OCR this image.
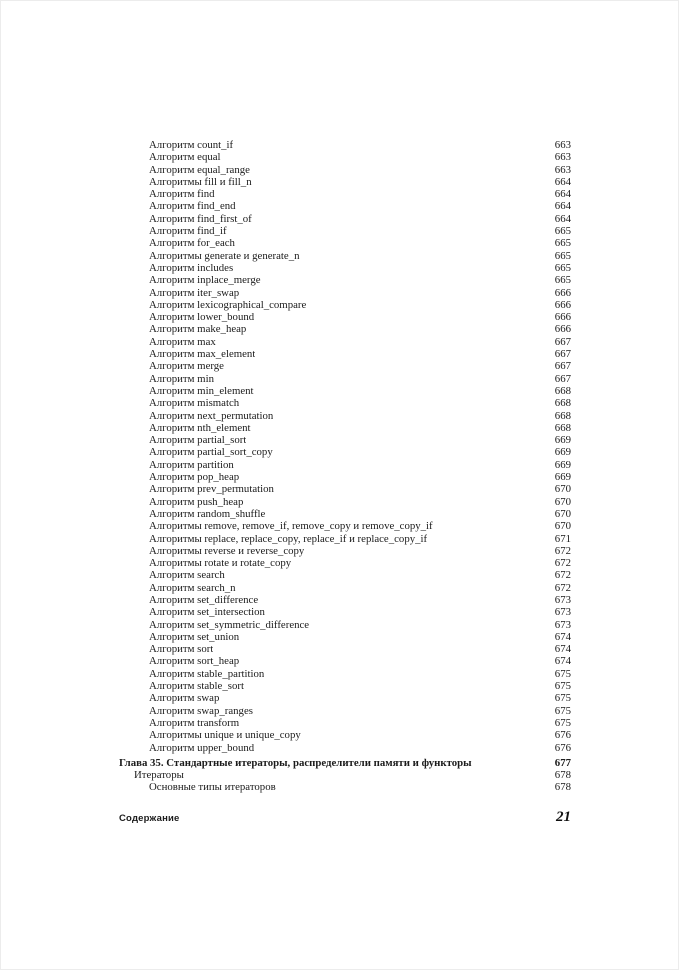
Алгоритм count_if	663
Алгоритм equal	663
Алгоритм equal_range	663
Алгоритмы fill и fill_n	664
Алгоритм find	664
Алгоритм find_end	664
Алгоритм find_first_of	664
Алгоритм find_if	665
Алгоритм for_each	665
Алгоритмы generate и generate_n	665
Алгоритм includes	665
Алгоритм inplace_merge	665
Алгоритм iter_swap	666
Алгоритм lexicographical_compare	666
Алгоритм lower_bound	666
Алгоритм make_heap	666
Алгоритм max	667
Алгоритм max_element	667
Алгоритм merge	667
Алгоритм min	667
Алгоритм min_element	668
Алгоритм mismatch	668
Алгоритм next_permutation	668
Алгоритм nth_element	668
Алгоритм partial_sort	669
Алгоритм partial_sort_copy	669
Алгоритм partition	669
Алгоритм pop_heap	669
Алгоритм prev_permutation	670
Алгоритм push_heap	670
Алгоритм random_shuffle	670
Алгоритмы remove, remove_if, remove_copy и remove_copy_if	670
Алгоритмы replace, replace_copy, replace_if и replace_copy_if	671
Алгоритмы reverse и reverse_copy	672
Алгоритмы rotate и rotate_copy	672
Алгоритм search	672
Алгоритм search_n	672
Алгоритм set_difference	673
Алгоритм set_intersection	673
Алгоритм set_symmetric_difference	673
Алгоритм set_union	674
Алгоритм sort	674
Алгоритм sort_heap	674
Алгоритм stable_partition	675
Алгоритм stable_sort	675
Алгоритм swap	675
Алгоритм swap_ranges	675
Алгоритм transform	675
Алгоритмы unique и unique_copy	676
Алгоритм upper_bound	676
Глава 35. Стандартные итераторы, распределители памяти и функторы	677
Итераторы	678
Основные типы итераторов	678
Содержание	21
